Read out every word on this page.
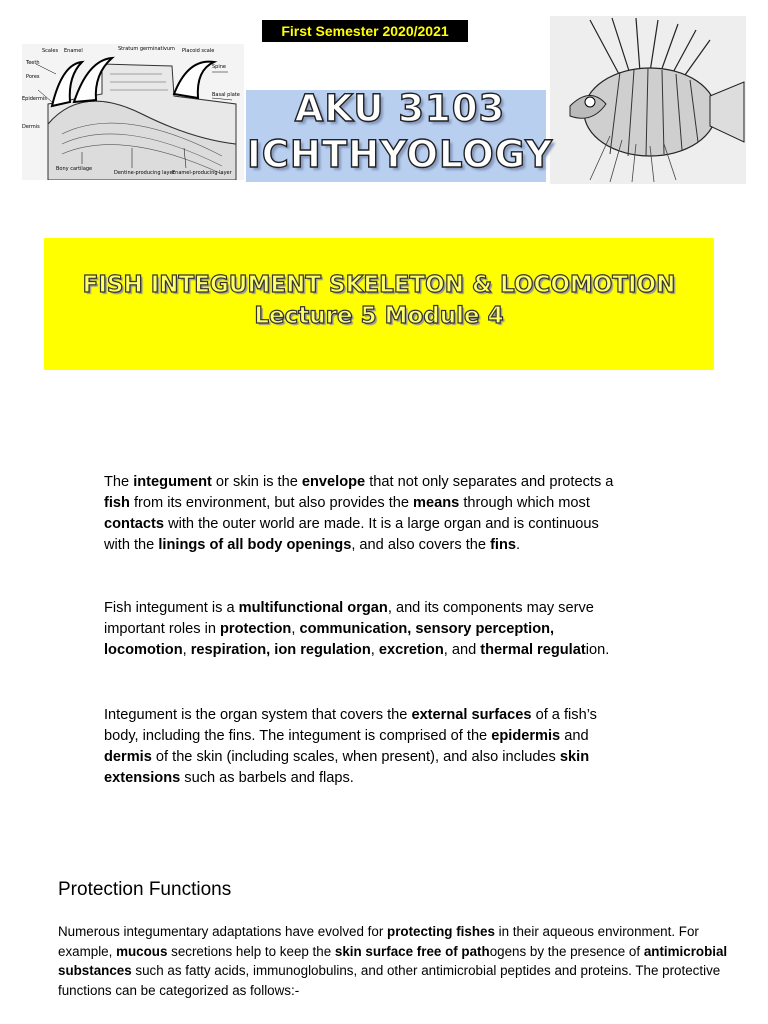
First Semester 2020/2021
Scales Enamel
Teeth
Pores
Epidermis
Dermis
Stratum germinativum Placoid scale
Spine
Basal plate
Bony cartilage
Dentine-producing layer
Enamel-producing layer
AKU 3103
ICHTHYOLOGY
FISH INTEGUMENT SKELETON & LOCOMOTION
Lecture 5 Module 4

The integument or skin is the envelope that not only separates and protects a fish from its environment, but also provides the means through which most contacts with the outer world are made. It is a large organ and is continuous with the linings of all body openings, and also covers the fins.

Fish integument is a multifunctional organ, and its components may serve important roles in protection, communication, sensory perception, locomotion, respiration, ion regulation, excretion, and thermal regulation.

Integument is the organ system that covers the external surfaces of a fish’s body, including the fins. The integument is comprised of the epidermis and dermis of the skin (including scales, when present), and also includes skin extensions such as barbels and flaps.

Protection Functions

Numerous integumentary adaptations have evolved for protecting fishes in their aqueous environment. For example, mucous secretions help to keep the skin surface free of pathogens by the presence of antimicrobial substances such as fatty acids, immunoglobulins, and other antimicrobial peptides and proteins. The protective functions can be categorized as follows:-
